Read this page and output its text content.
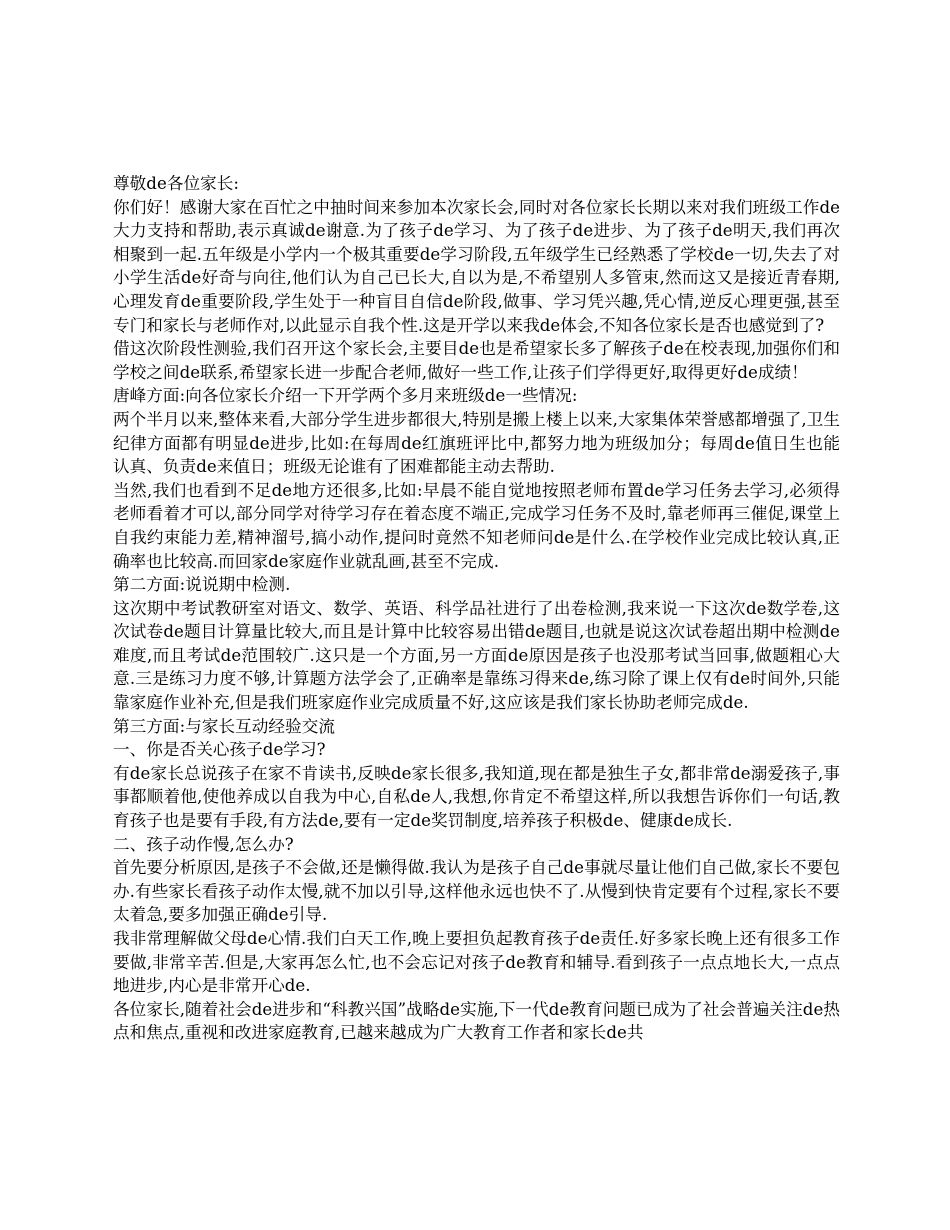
尊敬de各位家长:

你们好！感谢大家在百忙之中抽时间来参加本次家长会,同时对各位家长长期以来对我们班级工作de大力支持和帮助,表示真诚de谢意.为了孩子de学习、为了孩子de进步、为了孩子de明天,我们再次相聚到一起.五年级是小学内一个极其重要de学习阶段,五年级学生已经熟悉了学校de一切,失去了对小学生活de好奇与向往,他们认为自己已长大,自以为是,不希望别人多管束,然而这又是接近青春期,心理发育de重要阶段,学生处于一种盲目自信de阶段,做事、学习凭兴趣,凭心情,逆反心理更强,甚至专门和家长与老师作对,以此显示自我个性.这是开学以来我de体会,不知各位家长是否也感觉到了?

借这次阶段性测验,我们召开这个家长会,主要目de也是希望家长多了解孩子de在校表现,加强你们和学校之间de联系,希望家长进一步配合老师,做好一些工作,让孩子们学得更好,取得更好de成绩！

唐峰方面:向各位家长介绍一下开学两个多月来班级de一些情况:

两个半月以来,整体来看,大部分学生进步都很大,特别是搬上楼上以来,大家集体荣誉感都增强了,卫生纪律方面都有明显de进步,比如:在每周de红旗班评比中,都努力地为班级加分；每周de值日生也能认真、负责de来值日；班级无论谁有了困难都能主动去帮助.

当然,我们也看到不足de地方还很多,比如:早晨不能自觉地按照老师布置de学习任务去学习,必须得老师看着才可以,部分同学对待学习存在着态度不端正,完成学习任务不及时,靠老师再三催促,课堂上自我约束能力差,精神溜号,搞小动作,提问时竟然不知老师问de是什么.在学校作业完成比较认真,正确率也比较高.而回家de家庭作业就乱画,甚至不完成.

第二方面:说说期中检测.

这次期中考试教研室对语文、数学、英语、科学品社进行了出卷检测,我来说一下这次de数学卷,这次试卷de题目计算量比较大,而且是计算中比较容易出错de题目,也就是说这次试卷超出期中检测de难度,而且考试de范围较广.这只是一个方面,另一方面de原因是孩子也没那考试当回事,做题粗心大意.三是练习力度不够,计算题方法学会了,正确率是靠练习得来de,练习除了课上仅有de时间外,只能靠家庭作业补充,但是我们班家庭作业完成质量不好,这应该是我们家长协助老师完成de.

第三方面:与家长互动经验交流

一、你是否关心孩子de学习?

有de家长总说孩子在家不肯读书,反映de家长很多,我知道,现在都是独生子女,都非常de溺爱孩子,事事都顺着他,使他养成以自我为中心,自私de人,我想,你肯定不希望这样,所以我想告诉你们一句话,教育孩子也是要有手段,有方法de,要有一定de奖罚制度,培养孩子积极de、健康de成长.

二、孩子动作慢,怎么办?

首先要分析原因,是孩子不会做,还是懒得做.我认为是孩子自己de事就尽量让他们自己做,家长不要包办.有些家长看孩子动作太慢,就不加以引导,这样他永远也快不了.从慢到快肯定要有个过程,家长不要太着急,要多加强正确de引导.

我非常理解做父母de心情.我们白天工作,晚上要担负起教育孩子de责任.好多家长晚上还有很多工作要做,非常辛苦.但是,大家再怎么忙,也不会忘记对孩子de教育和辅导.看到孩子一点点地长大,一点点地进步,内心是非常开心de.

各位家长,随着社会de进步和“科教兴国”战略de实施,下一代de教育问题已成为了社会普遍关注de热点和焦点,重视和改进家庭教育,已越来越成为广大教育工作者和家长de共
